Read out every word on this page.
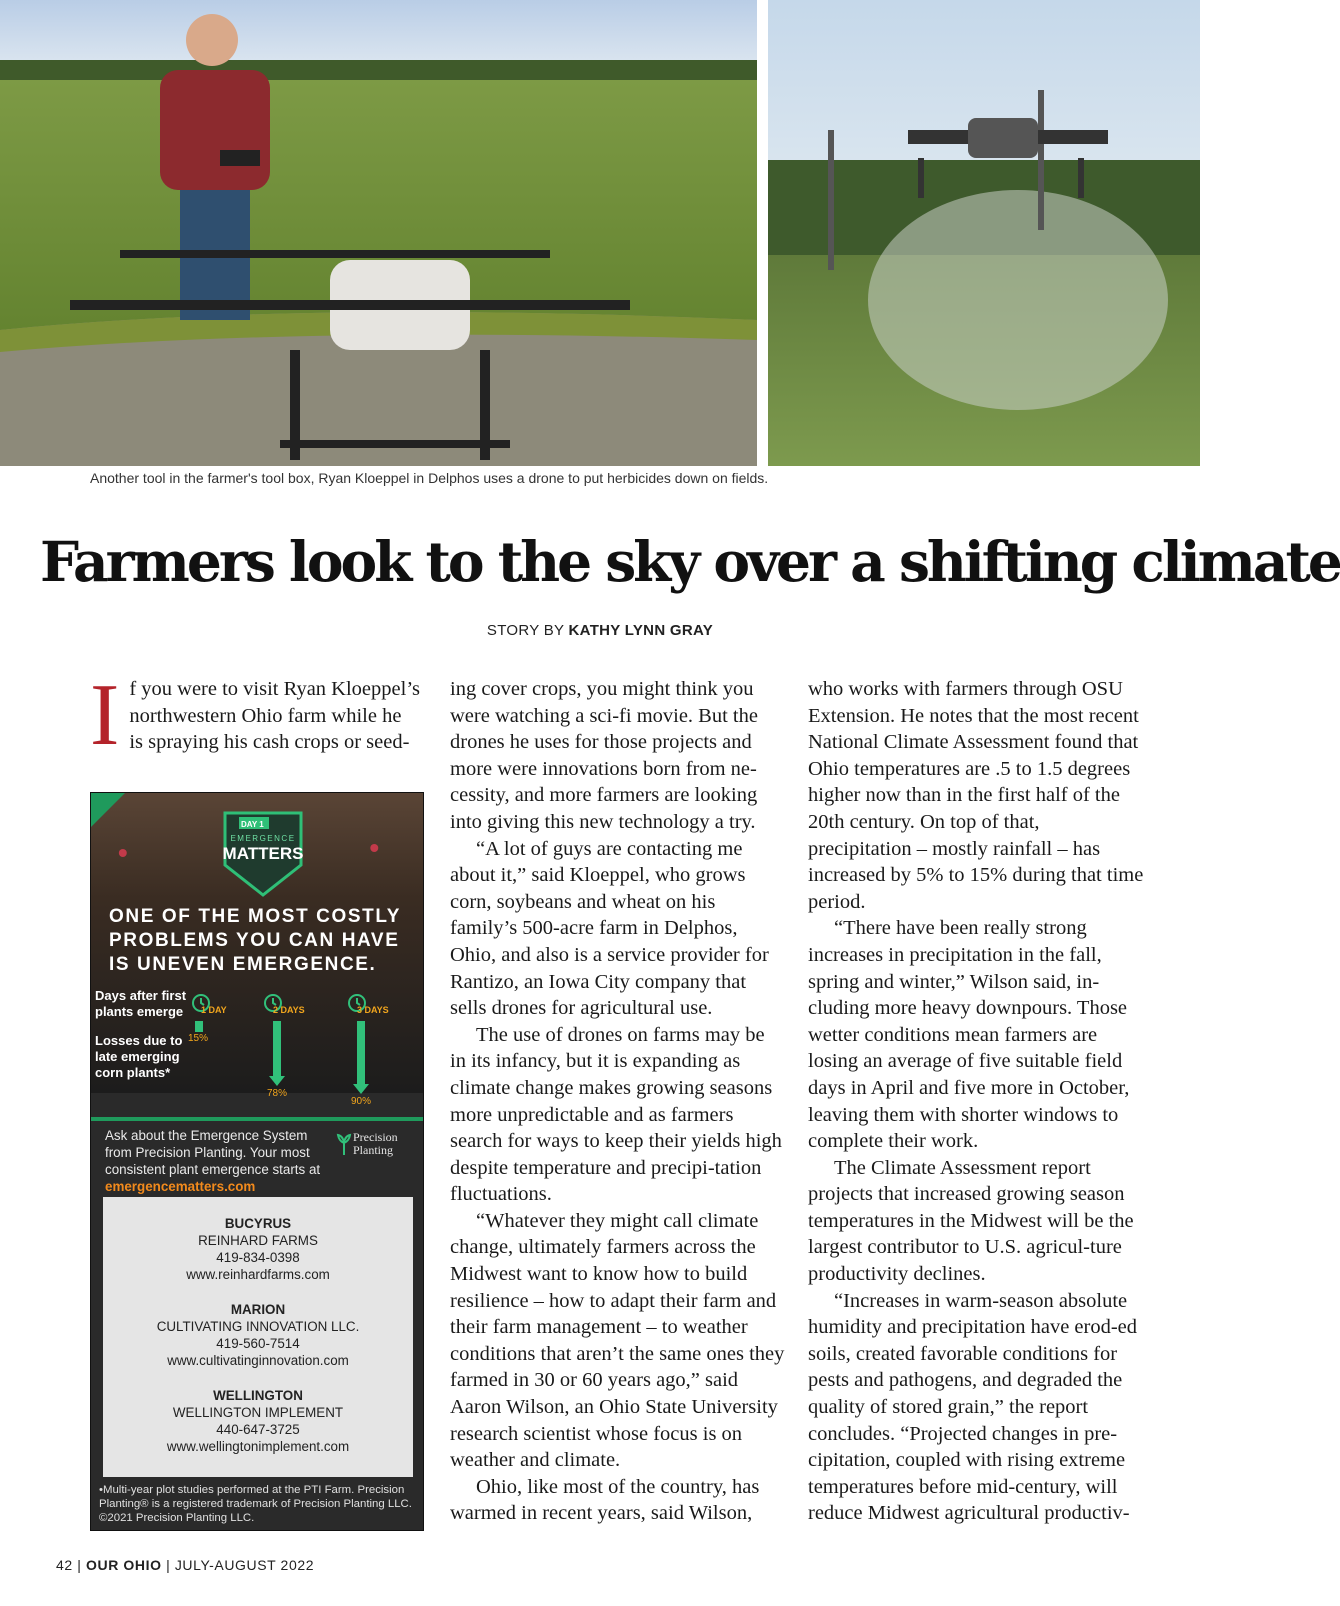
Another tool in the farmer's tool box, Ryan Kloeppel in Delphos uses a drone to put herbicides down on fields.
Farmers look to the sky over a shifting climate
STORY BY KATHY LYNN GRAY

If you were to visit Ryan Kloeppel’s northwestern Ohio farm while he is spraying his cash crops or seed-

DAY 1
EMERGENCE
MATTERS
ONE OF THE MOST COSTLY PROBLEMS YOU CAN HAVE IS UNEVEN EMERGENCE.
Days after first plants emerge
Losses due to late emerging corn plants*
1 DAY
15%
2 DAYS
78%
3 DAYS
90%
Ask about the Emergence System from Precision Planting. Your most consistent plant emergence starts at emergencematters.com
Precision
Planting
BUCYRUS
REINHARD FARMS
419-834-0398
www.reinhardfarms.com
MARION
CULTIVATING INNOVATION LLC.
419-560-7514
www.cultivatinginnovation.com
WELLINGTON
WELLINGTON IMPLEMENT
440-647-3725
www.wellingtonimplement.com
•Multi-year plot studies performed at the PTI Farm. Precision Planting® is a registered trademark of Precision Planting LLC. ©2021 Precision Planting LLC.

ing cover crops, you might think you were watching a sci-fi movie. But the drones he uses for those projects and more were innovations born from ne-cessity, and more farmers are looking into giving this new technology a try.

“A lot of guys are contacting me about it,” said Kloeppel, who grows corn, soybeans and wheat on his family’s 500-acre farm in Delphos, Ohio, and also is a service provider for Rantizo, an Iowa City company that sells drones for agricultural use.

The use of drones on farms may be in its infancy, but it is expanding as climate change makes growing seasons more unpredictable and as farmers search for ways to keep their yields high despite temperature and precipi-tation fluctuations.

“Whatever they might call climate change, ultimately farmers across the Midwest want to know how to build resilience – how to adapt their farm and their farm management – to weather conditions that aren’t the same ones they farmed in 30 or 60 years ago,” said Aaron Wilson, an Ohio State University research scientist whose focus is on weather and climate.

Ohio, like most of the country, has warmed in recent years, said Wilson,

who works with farmers through OSU Extension. He notes that the most recent National Climate Assessment found that Ohio temperatures are .5 to 1.5 degrees higher now than in the first half of the 20th century. On top of that, precipitation – mostly rainfall – has increased by 5% to 15% during that time period.

“There have been really strong increases in precipitation in the fall, spring and winter,” Wilson said, in-cluding more heavy downpours. Those wetter conditions mean farmers are losing an average of five suitable field days in April and five more in October, leaving them with shorter windows to complete their work.

The Climate Assessment report projects that increased growing season temperatures in the Midwest will be the largest contributor to U.S. agricul-ture productivity declines.

“Increases in warm-season absolute humidity and precipitation have erod-ed soils, created favorable conditions for pests and pathogens, and degraded the quality of stored grain,” the report concludes. “Projected changes in pre-cipitation, coupled with rising extreme temperatures before mid-century, will reduce Midwest agricultural productiv-

42 | OUR OHIO | JULY-AUGUST 2022
